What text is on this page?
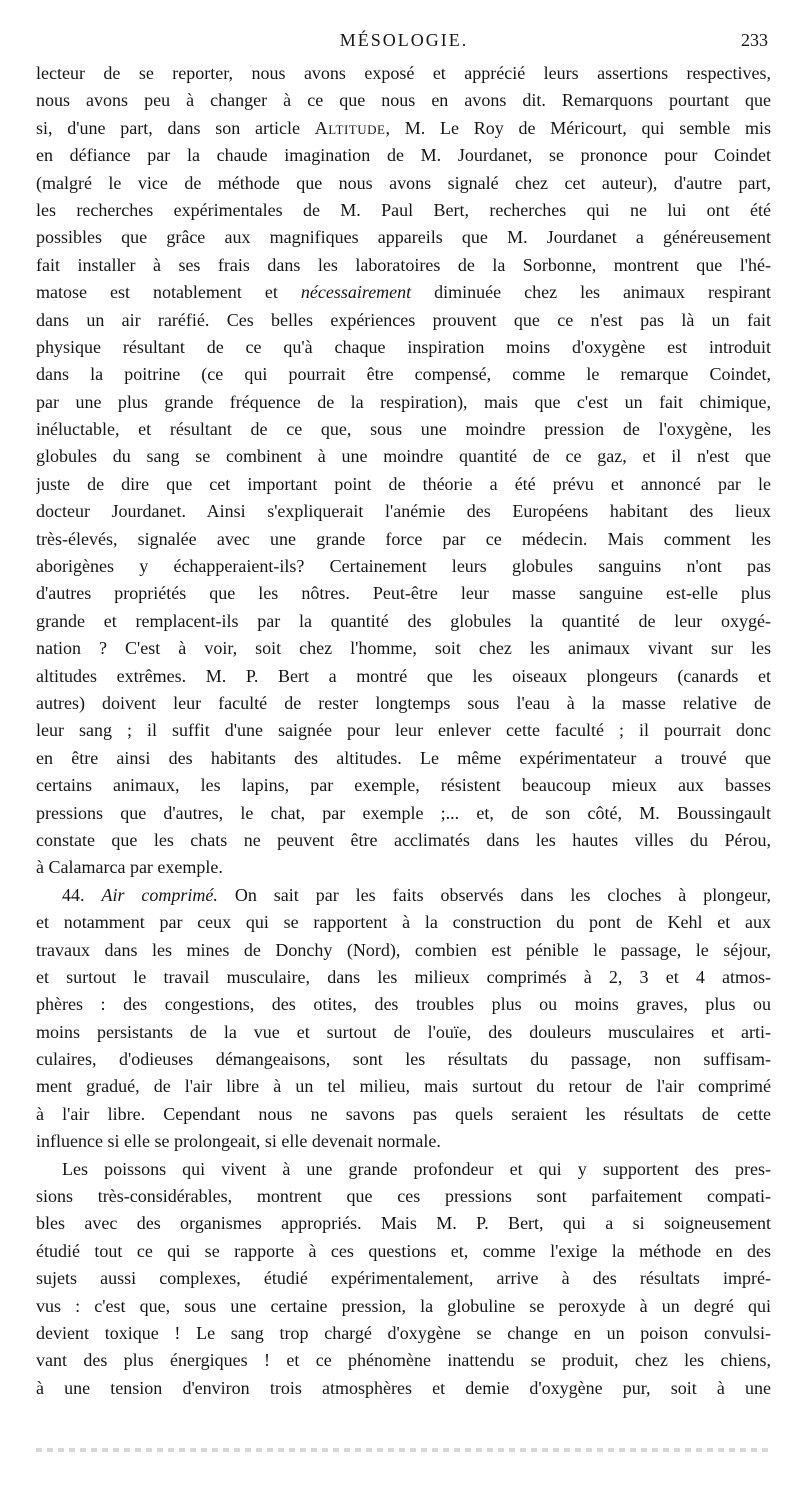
MÉSOLOGIE.	233
lecteur de se reporter, nous avons exposé et apprécié leurs assertions respectives,
nous avons peu à changer à ce que nous en avons dit. Remarquons pourtant que
si, d'une part, dans son article Altitude, M. Le Roy de Méricourt, qui semble mis
en défiance par la chaude imagination de M. Jourdanet, se prononce pour Coindet
(malgré le vice de méthode que nous avons signalé chez cet auteur), d'autre part,
les recherches expérimentales de M. Paul Bert, recherches qui ne lui ont été
possibles que grâce aux magnifiques appareils que M. Jourdanet a généreusement
fait installer à ses frais dans les laboratoires de la Sorbonne, montrent que l'hé-
matose est notablement et nécessairement diminuée chez les animaux respirant
dans un air raréfié. Ces belles expériences prouvent que ce n'est pas là un fait
physique résultant de ce qu'à chaque inspiration moins d'oxygène est introduit
dans la poitrine (ce qui pourrait être compensé, comme le remarque Coindet,
par une plus grande fréquence de la respiration), mais que c'est un fait chimique,
inéluctable, et résultant de ce que, sous une moindre pression de l'oxygène, les
globules du sang se combinent à une moindre quantité de ce gaz, et il n'est que
juste de dire que cet important point de théorie a été prévu et annoncé par le
docteur Jourdanet. Ainsi s'expliquerait l'anémie des Européens habitant des lieux
très-élevés, signalée avec une grande force par ce médecin. Mais comment les
aborigènes y échapperaient-ils? Certainement leurs globules sanguins n'ont pas
d'autres propriétés que les nôtres. Peut-être leur masse sanguine est-elle plus
grande et remplacent-ils par la quantité des globules la quantité de leur oxygé-
nation ? C'est à voir, soit chez l'homme, soit chez les animaux vivant sur les
altitudes extrêmes. M. P. Bert a montré que les oiseaux plongeurs (canards et
autres) doivent leur faculté de rester longtemps sous l'eau à la masse relative de
leur sang ; il suffit d'une saignée pour leur enlever cette faculté ; il pourrait donc
en être ainsi des habitants des altitudes. Le même expérimentateur a trouvé que
certains animaux, les lapins, par exemple, résistent beaucoup mieux aux basses
pressions que d'autres, le chat, par exemple ;... et, de son côté, M. Boussingault
constate que les chats ne peuvent être acclimatés dans les hautes villes du Pérou,
à Calamarca par exemple.
44. Air comprimé. On sait par les faits observés dans les cloches à plongeur,
et notamment par ceux qui se rapportent à la construction du pont de Kehl et aux
travaux dans les mines de Donchy (Nord), combien est pénible le passage, le séjour,
et surtout le travail musculaire, dans les milieux comprimés à 2, 3 et 4 atmos-
phères : des congestions, des otites, des troubles plus ou moins graves, plus ou
moins persistants de la vue et surtout de l'ouïe, des douleurs musculaires et arti-
culaires, d'odieuses démangeaisons, sont les résultats du passage, non suffisam-
ment gradué, de l'air libre à un tel milieu, mais surtout du retour de l'air comprimé
à l'air libre. Cependant nous ne savons pas quels seraient les résultats de cette
influence si elle se prolongeait, si elle devenait normale.
Les poissons qui vivent à une grande profondeur et qui y supportent des pres-
sions très-considérables, montrent que ces pressions sont parfaitement compati-
bles avec des organismes appropriés. Mais M. P. Bert, qui a si soigneusement
étudié tout ce qui se rapporte à ces questions et, comme l'exige la méthode en des
sujets aussi complexes, étudié expérimentalement, arrive à des résultats impré-
vus : c'est que, sous une certaine pression, la globuline se peroxyde à un degré qui
devient toxique ! Le sang trop chargé d'oxygène se change en un poison convulsi-
vant des plus énergiques ! et ce phénomène inattendu se produit, chez les chiens,
à une tension d'environ trois atmosphères et demie d'oxygène pur, soit à une
